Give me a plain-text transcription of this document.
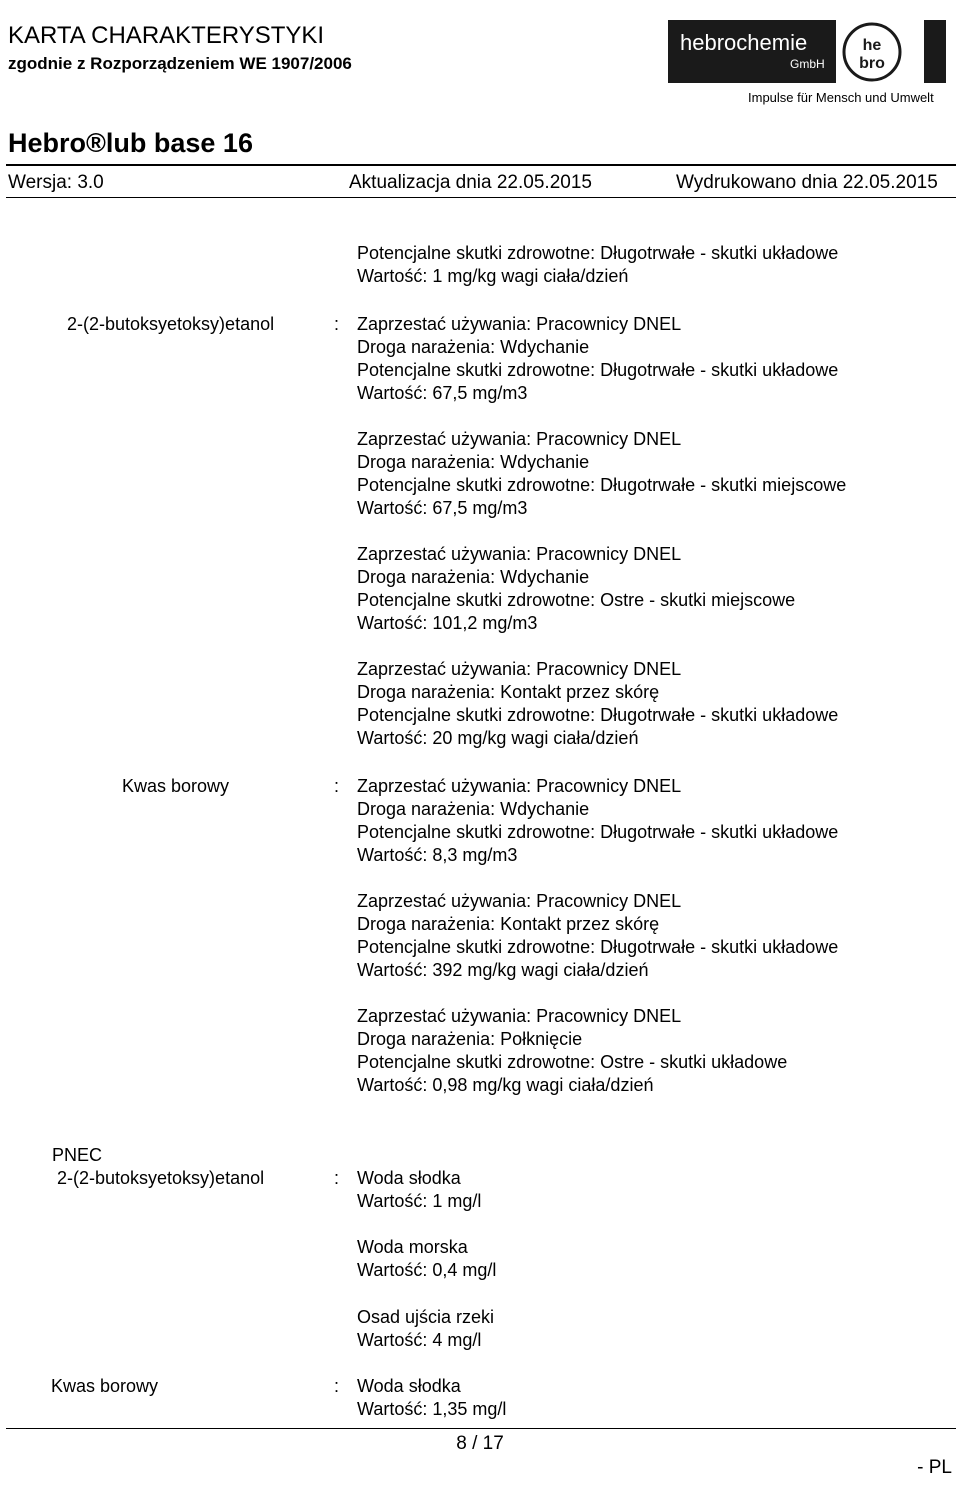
KARTA CHARAKTERYSTYKI
zgodnie z Rozporządzeniem WE 1907/2006
hebrochemie
GmbH
he
bro
Impulse für Mensch und Umwelt
Hebro®lub base 16
Wersja: 3.0	Aktualizacja dnia 22.05.2015	Wydrukowano dnia 22.05.2015
Potencjalne skutki zdrowotne: Długotrwałe - skutki układowe
Wartość: 1 mg/kg wagi ciała/dzień
2-(2-butoksyetoksy)etanol	: Zaprzestać używania: Pracownicy DNEL
Droga narażenia: Wdychanie
Potencjalne skutki zdrowotne: Długotrwałe - skutki układowe
Wartość: 67,5 mg/m3
Zaprzestać używania: Pracownicy DNEL
Droga narażenia: Wdychanie
Potencjalne skutki zdrowotne: Długotrwałe - skutki miejscowe
Wartość: 67,5 mg/m3
Zaprzestać używania: Pracownicy DNEL
Droga narażenia: Wdychanie
Potencjalne skutki zdrowotne: Ostre - skutki miejscowe
Wartość: 101,2 mg/m3
Zaprzestać używania: Pracownicy DNEL
Droga narażenia: Kontakt przez skórę
Potencjalne skutki zdrowotne: Długotrwałe - skutki układowe
Wartość: 20 mg/kg wagi ciała/dzień
Kwas borowy	: Zaprzestać używania: Pracownicy DNEL
Droga narażenia: Wdychanie
Potencjalne skutki zdrowotne: Długotrwałe - skutki układowe
Wartość: 8,3 mg/m3
Zaprzestać używania: Pracownicy DNEL
Droga narażenia: Kontakt przez skórę
Potencjalne skutki zdrowotne: Długotrwałe - skutki układowe
Wartość: 392 mg/kg wagi ciała/dzień
Zaprzestać używania: Pracownicy DNEL
Droga narażenia: Połknięcie
Potencjalne skutki zdrowotne: Ostre - skutki układowe
Wartość: 0,98 mg/kg wagi ciała/dzień
PNEC
2-(2-butoksyetoksy)etanol	: Woda słodka
Wartość: 1 mg/l
Woda morska
Wartość: 0,4 mg/l
Osad ujścia rzeki
Wartość: 4 mg/l
Kwas borowy	: Woda słodka
Wartość: 1,35 mg/l
8 / 17
- PL
